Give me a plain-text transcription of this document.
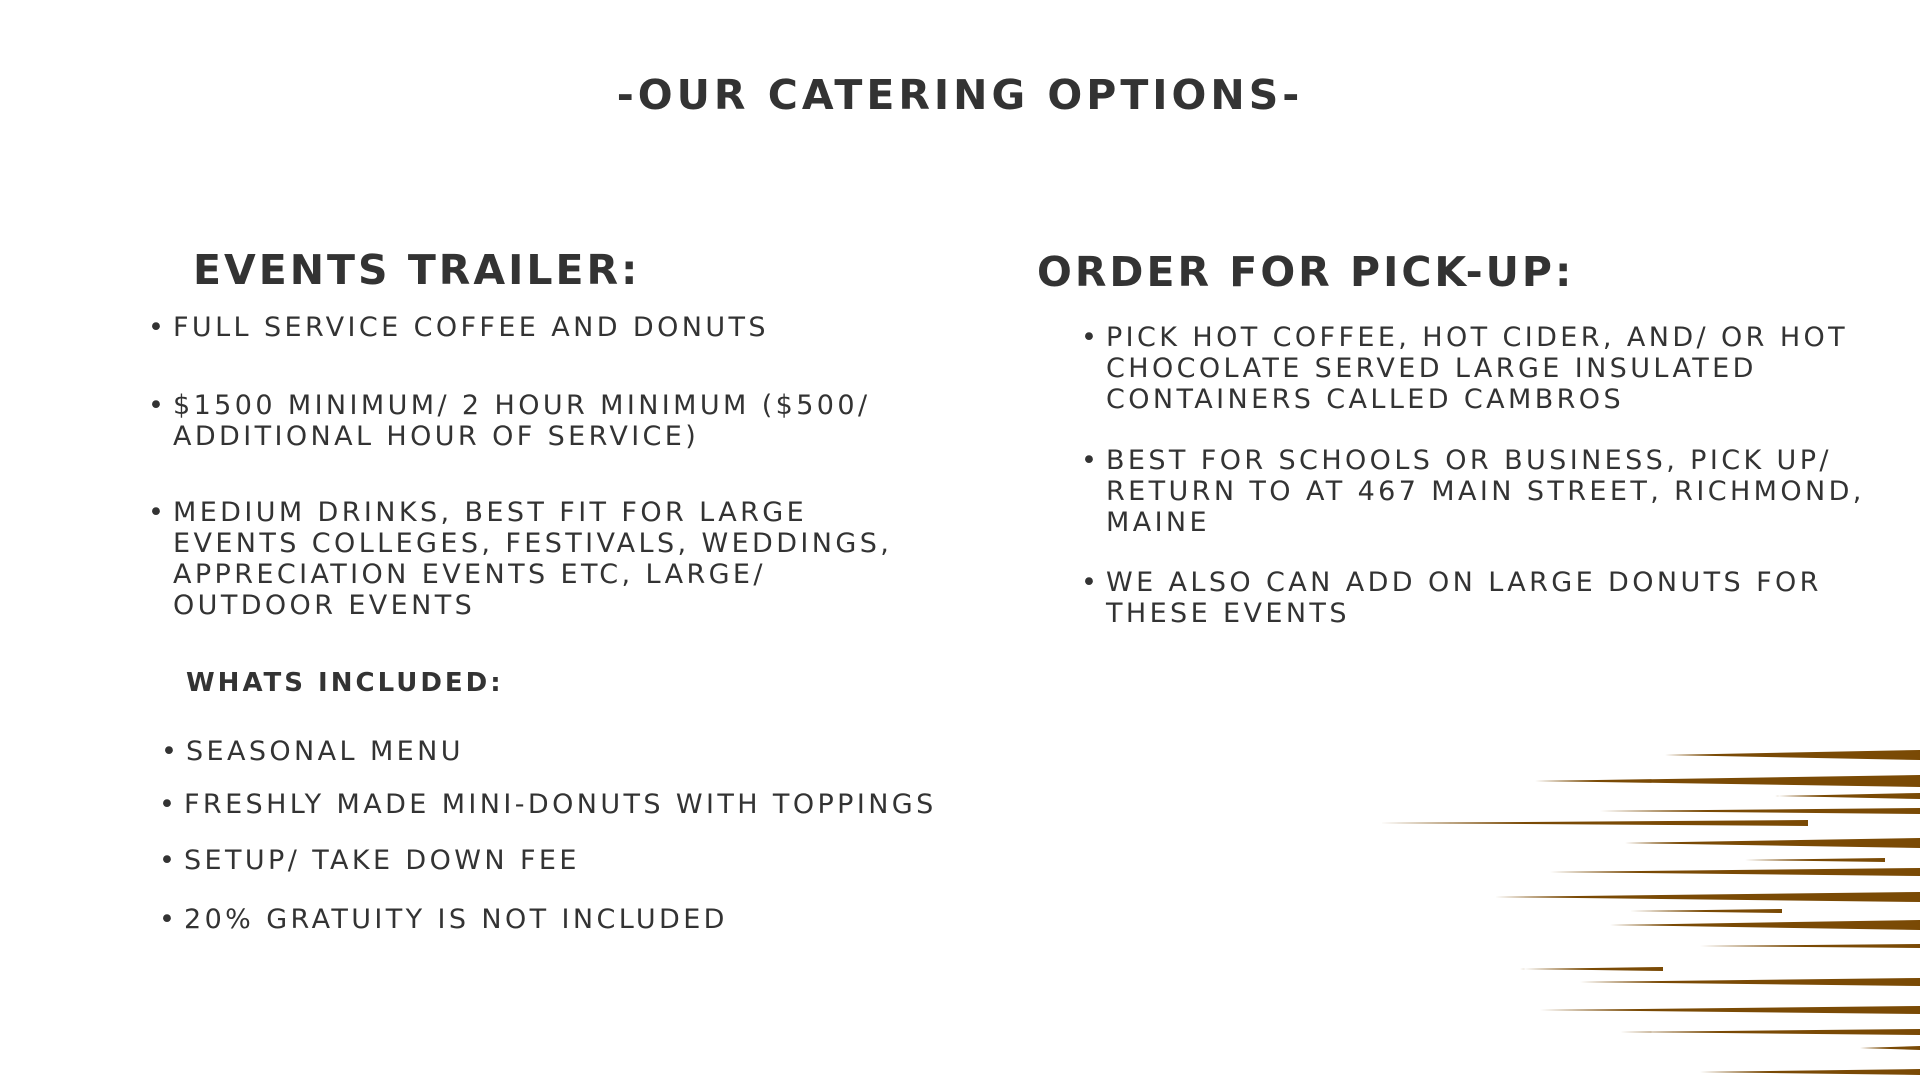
-OUR CATERING OPTIONS-
EVENTS TRAILER:
• FULL SERVICE COFFEE AND DONUTS
• $1500 MINIMUM/ 2 HOUR MINIMUM ($500/ ADDITIONAL HOUR OF SERVICE)
• MEDIUM DRINKS, BEST FIT FOR LARGE EVENTS COLLEGES, FESTIVALS, WEDDINGS, APPRECIATION EVENTS ETC, LARGE/ OUTDOOR EVENTS
WHATS INCLUDED:
• SEASONAL MENU
• FRESHLY MADE MINI-DONUTS WITH TOPPINGS
• SETUP/ TAKE DOWN FEE
• 20% GRATUITY IS NOT INCLUDED
ORDER FOR PICK-UP:
• PICK HOT COFFEE, HOT CIDER, AND/ OR HOT CHOCOLATE SERVED LARGE INSULATED CONTAINERS CALLED CAMBROS
• BEST FOR SCHOOLS OR BUSINESS, PICK UP/ RETURN TO AT 467 MAIN STREET, RICHMOND, MAINE
• WE ALSO CAN ADD ON LARGE DONUTS FOR THESE EVENTS
